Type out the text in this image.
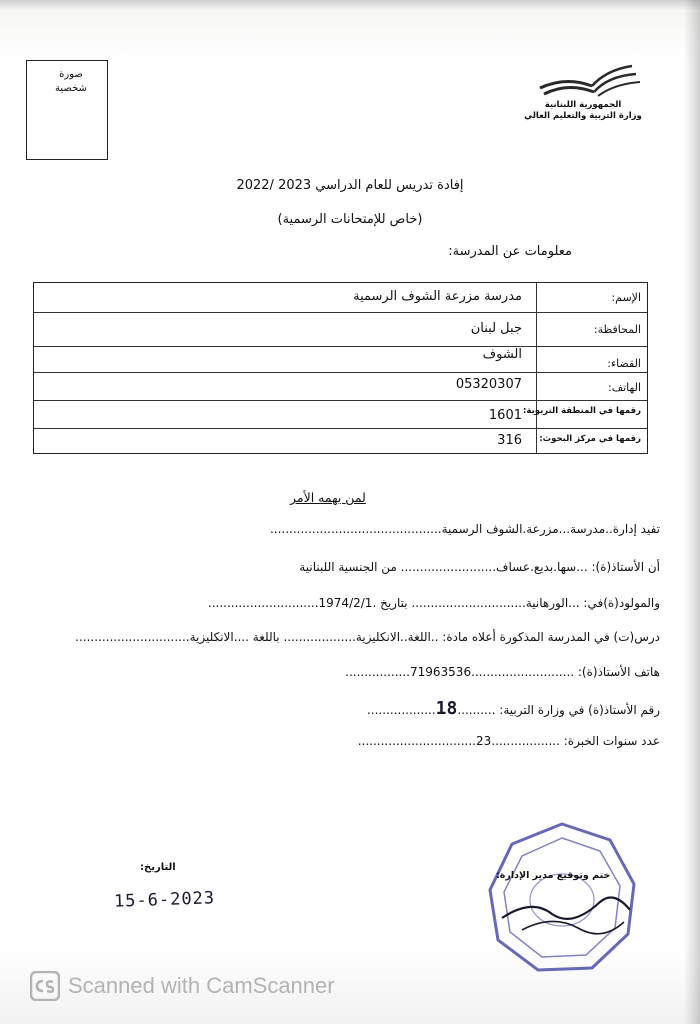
صورة
شخصية
الجمهورية اللبنانية
وزارة التربية والتعليم العالي
إفادة تدريس للعام الدراسي 2023 /2022
(خاص للإمتحانات الرسمية)
معلومات عن المدرسة:
الإسم:
مدرسة مزرعة الشوف الرسمية
المحافظة:
جبل لبنان
القضاء:
الشوف
الهاتف:
05320307
رقمها في المنطقة التربوية:
1601
رقمها في مركز البحوث:
316
لمن يهمه الأمر
تفيد إدارة..مدرسة...مزرعة.الشوف الرسمية.............................................
أن الأستاذ(ة): ...سها.بديع.عساف......................... من الجنسية اللبنانية
والمولود(ة)في: ...الورهانية.............................. بتاريخ .1974/2/1.............................
درس(ت) في المدرسة المذكورة أعلاه مادة: ..اللغة..الانكليزية................... باللغة ....الانكليزية..............................
هاتف الأستاذ(ة): ...........................71963536.................
رقم الأستاذ(ة) في وزارة التربية: ..........18..................
عدد سنوات الخبرة: ..................23...............................
التاريخ:
15-6-2023
ختم وتوقيع مدير الإدارة:
Scanned with CamScanner
